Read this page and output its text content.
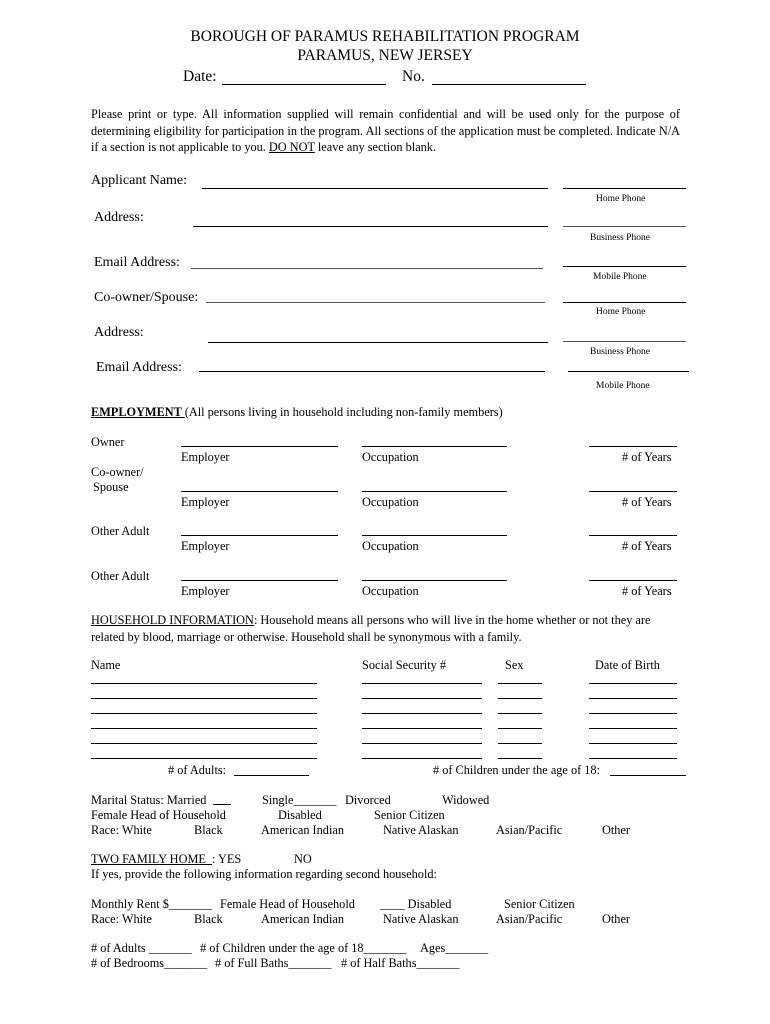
BOROUGH OF PARAMUS REHABILITATION PROGRAM
PARAMUS, NEW JERSEY
Date:	No.
Please print or type. All information supplied will remain confidential and will be used only for the purpose of determining eligibility for participation in the program. All sections of the application must be completed. Indicate N/A if a section is not applicable to you. DO NOT leave any section blank.
Applicant Name:
Home Phone
Address:
Business Phone
Email Address:
Mobile Phone
Co-owner/Spouse:
Home Phone
Address:
Business Phone
Email Address:
Mobile Phone
EMPLOYMENT (All persons living in household including non-family members)
Owner
Employer	Occupation	# of Years
Co-owner/
Spouse
Employer	Occupation	# of Years
Other Adult
Employer	Occupation	# of Years
Other Adult
Employer	Occupation	# of Years
HOUSEHOLD INFORMATION: Household means all persons who will live in the home whether or not they are related by blood, marriage or otherwise. Household shall be synonymous with a family.
Name	Social Security #	Sex	Date of Birth
# of Adults:	# of Children under the age of 18:
Marital Status: Married	Single_______ Divorced	Widowed
Female Head of Household	Disabled	Senior Citizen
Race: White	Black	American Indian	Native Alaskan	Asian/Pacific	Other
TWO FAMILY HOME : YES	NO
If yes, provide the following information regarding second household:
Monthly Rent $_______ Female Head of Household ____ Disabled	Senior Citizen
Race: White	Black	American Indian	Native Alaskan	Asian/Pacific	Other
# of Adults _______ # of Children under the age of 18_______ Ages_______
# of Bedrooms_______ # of Full Baths_______ # of Half Baths_______
